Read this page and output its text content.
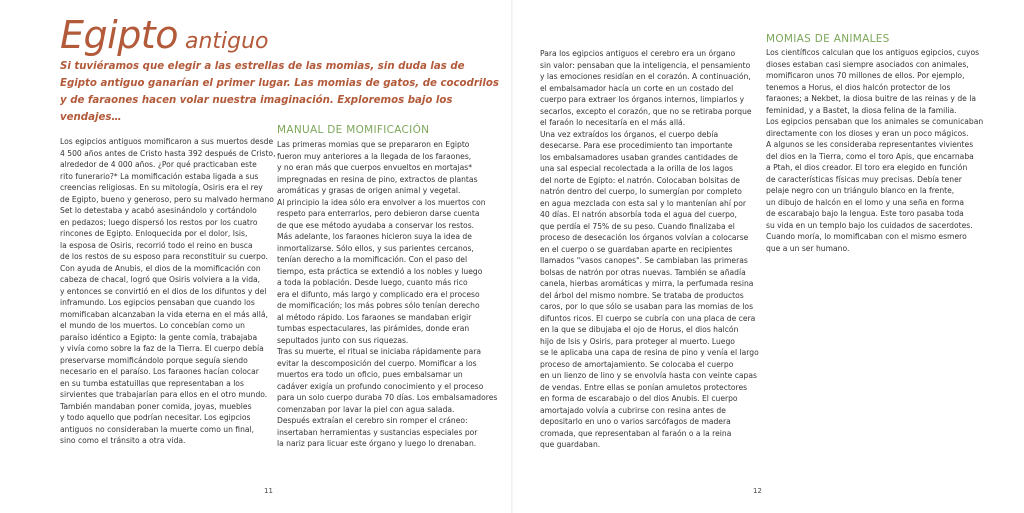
Egipto antiguo

Si tuviéramos que elegir a las estrellas de las momias, sin duda las de Egipto antiguo ganarían el primer lugar. Las momias de gatos, de cocodrilos y de faraones hacen volar nuestra imaginación. Exploremos bajo los vendajes…

Los egipcios antiguos momificaron a sus muertos desde

4 500 años antes de Cristo hasta 392 después de Cristo,

alrededor de 4 000 años. ¿Por qué practicaban este

rito funerario?* La momificación estaba ligada a sus

creencias religiosas. En su mitología, Osiris era el rey

de Egipto, bueno y generoso, pero su malvado hermano

Set lo detestaba y acabó asesinándolo y cortándolo

en pedazos; luego dispersó los restos por los cuatro

rincones de Egipto. Enloquecida por el dolor, Isis,

la esposa de Osiris, recorrió todo el reino en busca

de los restos de su esposo para reconstituir su cuerpo.

Con ayuda de Anubis, el dios de la momificación con

cabeza de chacal, logró que Osiris volviera a la vida,

y entonces se convirtió en el dios de los difuntos y del

inframundo. Los egipcios pensaban que cuando los

momificaban alcanzaban la vida eterna en el más allá,

el mundo de los muertos. Lo concebían como un

paraíso idéntico a Egipto: la gente comía, trabajaba

y vivía como sobre la faz de la Tierra. El cuerpo debía

preservarse momificándolo porque seguía siendo

necesario en el paraíso. Los faraones hacían colocar

en su tumba estatuillas que representaban a los

sirvientes que trabajarían para ellos en el otro mundo.

También mandaban poner comida, joyas, muebles

y todo aquello que podrían necesitar. Los egipcios

antiguos no consideraban la muerte como un final,

sino como el tránsito a otra vida.

MANUAL DE MOMIFICACIÓN

Las primeras momias que se prepararon en Egipto

fueron muy anteriores a la llegada de los faraones,

y no eran más que cuerpos envueltos en mortajas*

impregnadas en resina de pino, extractos de plantas

aromáticas y grasas de origen animal y vegetal.

Al principio la idea sólo era envolver a los muertos con

respeto para enterrarlos, pero debieron darse cuenta

de que ese método ayudaba a conservar los restos.

Más adelante, los faraones hicieron suya la idea de

inmortalizarse. Sólo ellos, y sus parientes cercanos,

tenían derecho a la momificación. Con el paso del

tiempo, esta práctica se extendió a los nobles y luego

a toda la población. Desde luego, cuanto más rico

era el difunto, más largo y complicado era el proceso

de momificación; los más pobres sólo tenían derecho

al método rápido. Los faraones se mandaban erigir

tumbas espectaculares, las pirámides, donde eran

sepultados junto con sus riquezas.

Tras su muerte, el ritual se iniciaba rápidamente para

evitar la descomposición del cuerpo. Momificar a los

muertos era todo un oficio, pues embalsamar un

cadáver exigía un profundo conocimiento y el proceso

para un solo cuerpo duraba 70 días. Los embalsamadores

comenzaban por lavar la piel con agua salada.

Después extraían el cerebro sin romper el cráneo:

insertaban herramientas y sustancias especiales por

la nariz para licuar este órgano y luego lo drenaban.

11

Para los egipcios antiguos el cerebro era un órgano

sin valor: pensaban que la inteligencia, el pensamiento

y las emociones residían en el corazón. A continuación,

el embalsamador hacía un corte en un costado del

cuerpo para extraer los órganos internos, limpiarlos y

secarlos, excepto el corazón, que no se retiraba porque

el faraón lo necesitaría en el más allá.

Una vez extraídos los órganos, el cuerpo debía

desecarse. Para ese procedimiento tan importante

los embalsamadores usaban grandes cantidades de

una sal especial recolectada a la orilla de los lagos

del norte de Egipto: el natrón. Colocaban bolsitas de

natrón dentro del cuerpo, lo sumergían por completo

en agua mezclada con esta sal y lo mantenían ahí por

40 días. El natrón absorbía toda el agua del cuerpo,

que perdía el 75% de su peso. Cuando finalizaba el

proceso de desecación los órganos volvían a colocarse

en el cuerpo o se guardaban aparte en recipientes

llamados "vasos canopes". Se cambiaban las primeras

bolsas de natrón por otras nuevas. También se añadía

canela, hierbas aromáticas y mirra, la perfumada resina

del árbol del mismo nombre. Se trataba de productos

caros, por lo que sólo se usaban para las momias de los

difuntos ricos. El cuerpo se cubría con una placa de cera

en la que se dibujaba el ojo de Horus, el dios halcón

hijo de Isis y Osiris, para proteger al muerto. Luego

se le aplicaba una capa de resina de pino y venía el largo

proceso de amortajamiento. Se colocaba el cuerpo

en un lienzo de lino y se envolvía hasta con veinte capas

de vendas. Entre ellas se ponían amuletos protectores

en forma de escarabajo o del dios Anubis. El cuerpo

amortajado volvía a cubrirse con resina antes de

depositarlo en uno o varios sarcófagos de madera

cromada, que representaban al faraón o a la reina

que guardaban.

MOMIAS DE ANIMALES

Los científicos calculan que los antiguos egipcios, cuyos

dioses estaban casi siempre asociados con animales,

momificaron unos 70 millones de ellos. Por ejemplo,

tenemos a Horus, el dios halcón protector de los

faraones; a Nekbet, la diosa buitre de las reinas y de la

feminidad, y a Bastet, la diosa felina de la familia.

Los egipcios pensaban que los animales se comunicaban

directamente con los dioses y eran un poco mágicos.

A algunos se les consideraba representantes vivientes

del dios en la Tierra, como el toro Apis, que encarnaba

a Ptah, el dios creador. El toro era elegido en función

de características físicas muy precisas. Debía tener

pelaje negro con un triángulo blanco en la frente,

un dibujo de halcón en el lomo y una seña en forma

de escarabajo bajo la lengua. Este toro pasaba toda

su vida en un templo bajo los cuidados de sacerdotes.

Cuando moría, lo momificaban con el mismo esmero

que a un ser humano.

12
